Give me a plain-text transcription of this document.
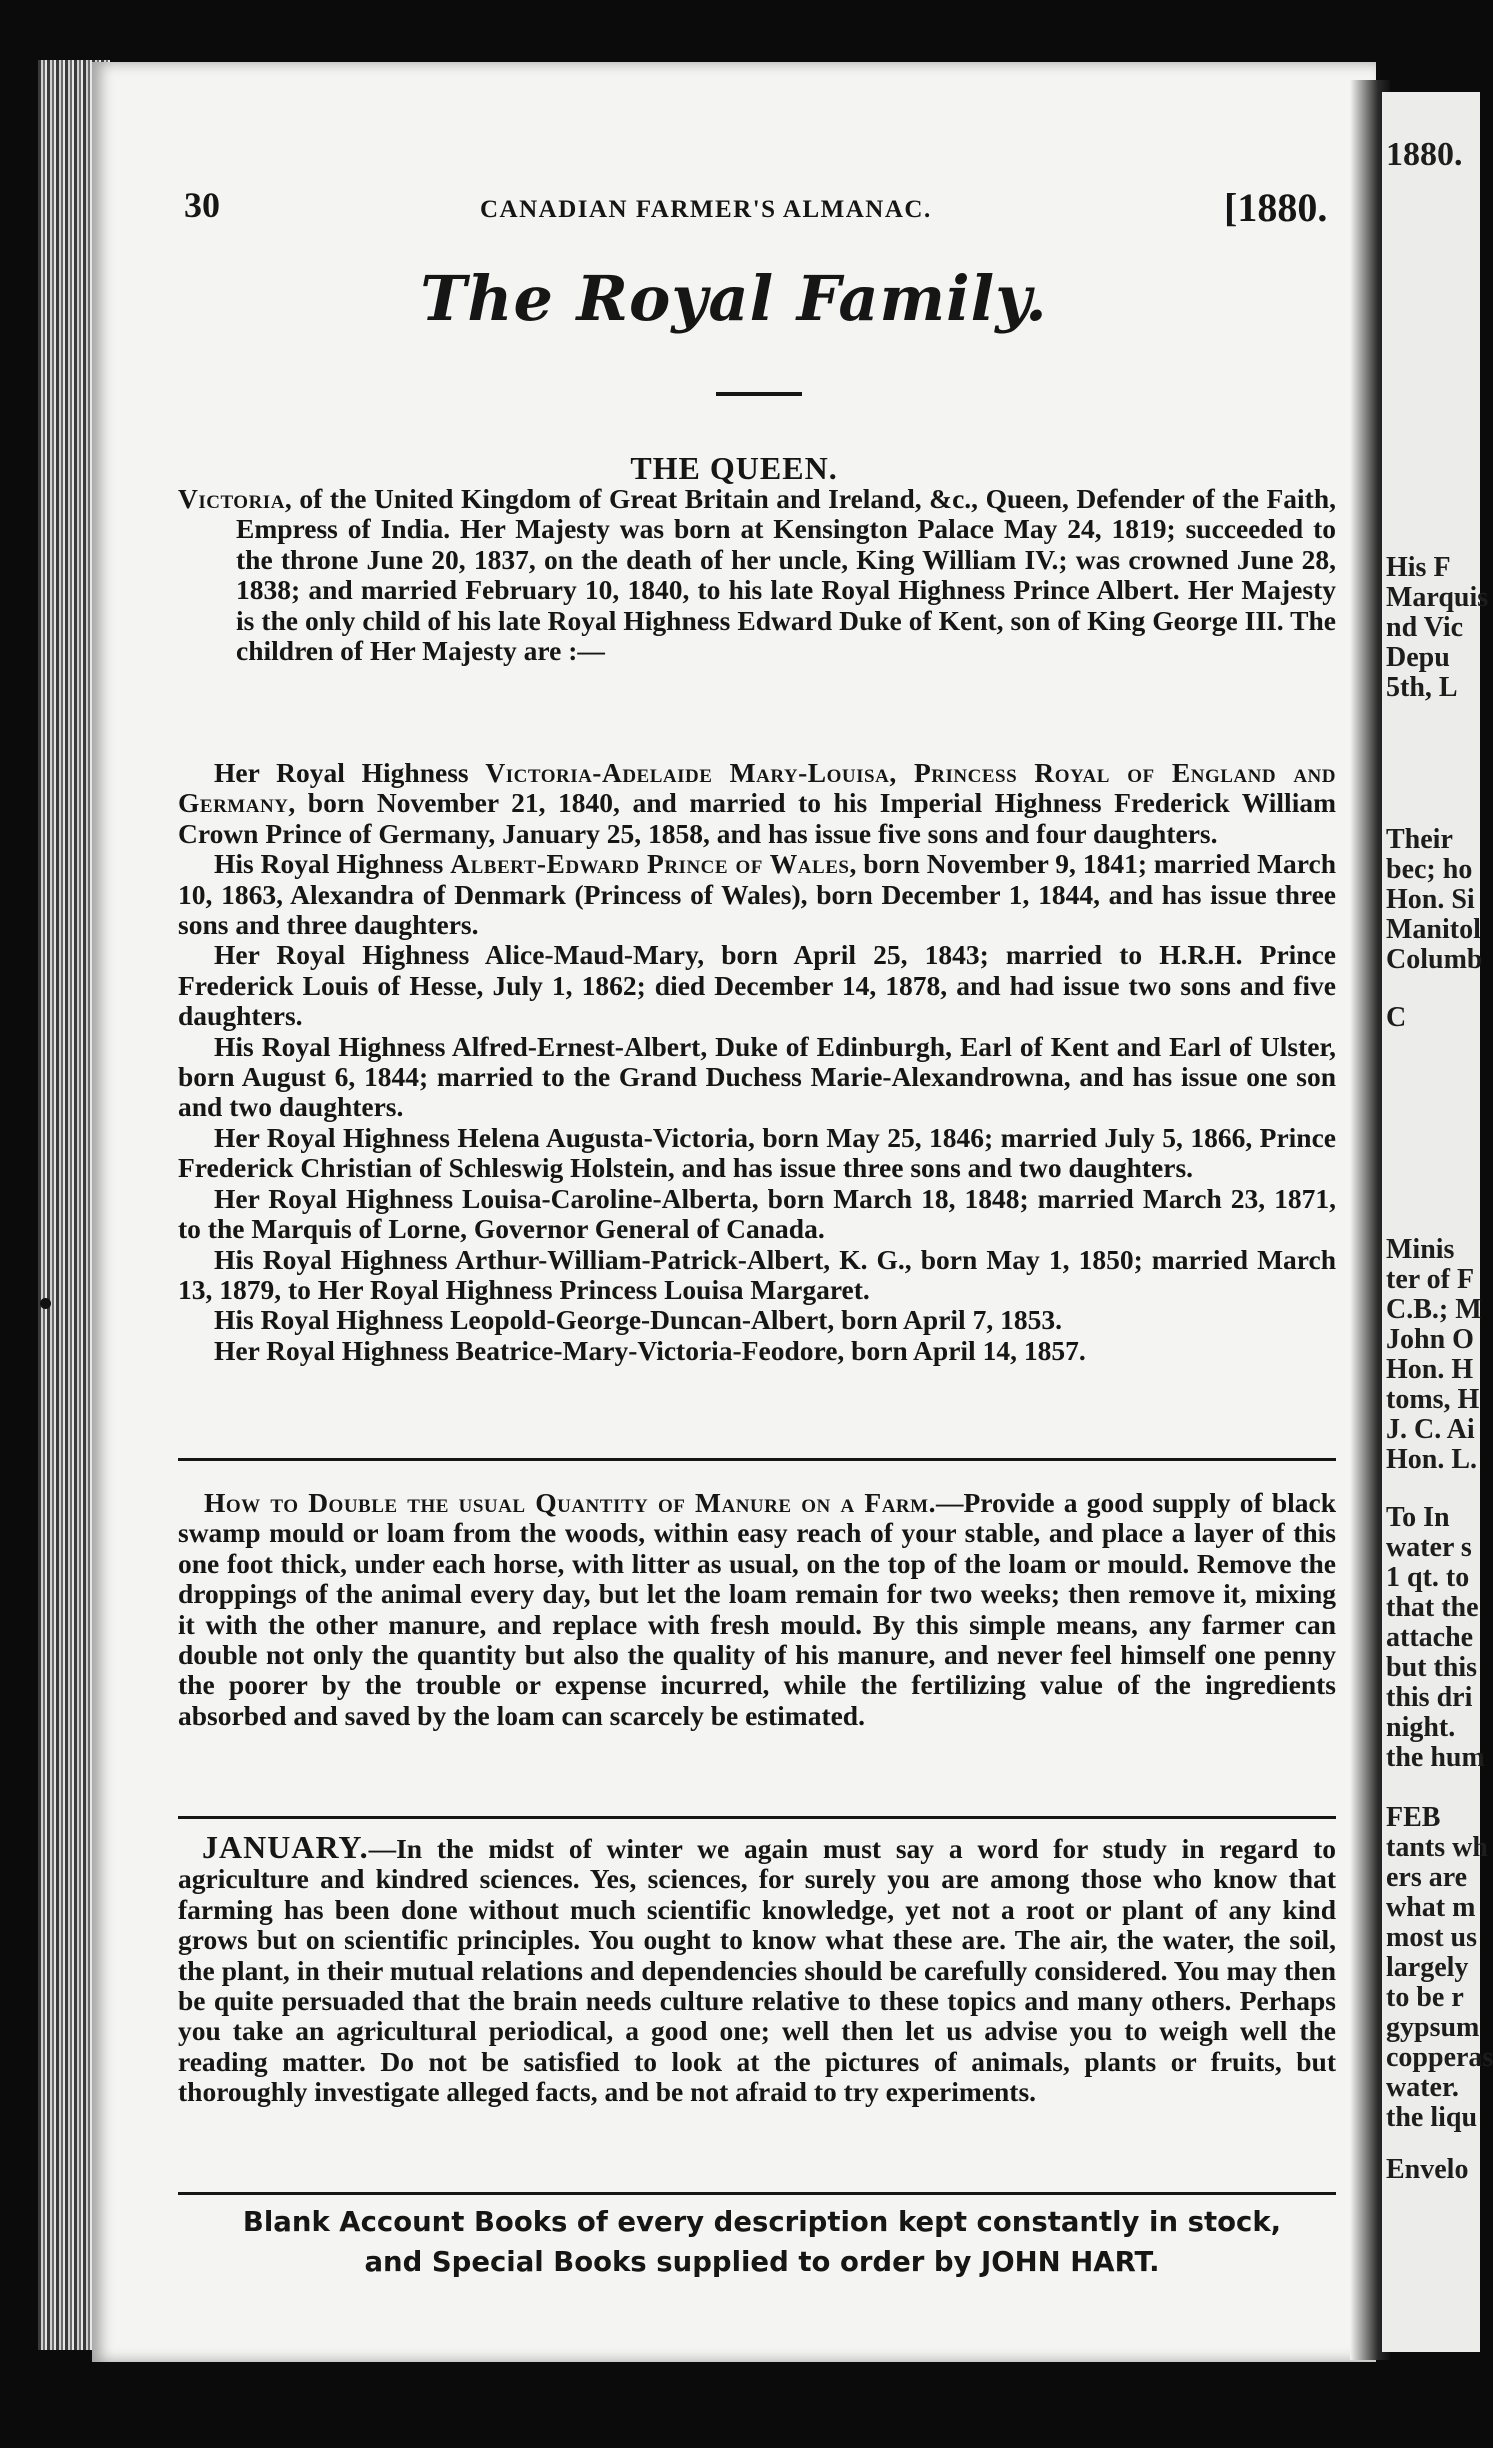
30	CANADIAN FARMER'S ALMANAC.	[1880.
The Royal Family.
THE QUEEN.

Victoria, of the United Kingdom of Great Britain and Ireland, &c., Queen, Defender of the Faith, Empress of India. Her Majesty was born at Kensington Palace May 24, 1819; succeeded to the throne June 20, 1837, on the death of her uncle, King William IV.; was crowned June 28, 1838; and married February 10, 1840, to his late Royal Highness Prince Albert. Her Majesty is the only child of his late Royal Highness Edward Duke of Kent, son of King George III. The children of Her Majesty are :—

Her Royal Highness Victoria-Adelaide Mary-Louisa, Princess Royal of England and Germany, born November 21, 1840, and married to his Imperial Highness Frederick William Crown Prince of Germany, January 25, 1858, and has issue five sons and four daughters.

His Royal Highness Albert-Edward Prince of Wales, born November 9, 1841; married March 10, 1863, Alexandra of Denmark (Princess of Wales), born December 1, 1844, and has issue three sons and three daughters.

Her Royal Highness Alice-Maud-Mary, born April 25, 1843; married to H.R.H. Prince Frederick Louis of Hesse, July 1, 1862; died December 14, 1878, and had issue two sons and five daughters.

His Royal Highness Alfred-Ernest-Albert, Duke of Edinburgh, Earl of Kent and Earl of Ulster, born August 6, 1844; married to the Grand Duchess Marie-Alexandrowna, and has issue one son and two daughters.

Her Royal Highness Helena Augusta-Victoria, born May 25, 1846; married July 5, 1866, Prince Frederick Christian of Schleswig Holstein, and has issue three sons and two daughters.

Her Royal Highness Louisa-Caroline-Alberta, born March 18, 1848; married March 23, 1871, to the Marquis of Lorne, Governor General of Canada.

His Royal Highness Arthur-William-Patrick-Albert, K. G., born May 1, 1850; married March 13, 1879, to Her Royal Highness Princess Louisa Margaret.

His Royal Highness Leopold-George-Duncan-Albert, born April 7, 1853.

Her Royal Highness Beatrice-Mary-Victoria-Feodore, born April 14, 1857.

How to Double the usual Quantity of Manure on a Farm.—Provide a good supply of black swamp mould or loam from the woods, within easy reach of your stable, and place a layer of this one foot thick, under each horse, with litter as usual, on the top of the loam or mould. Remove the droppings of the animal every day, but let the loam remain for two weeks; then remove it, mixing it with the other manure, and replace with fresh mould. By this simple means, any farmer can double not only the quantity but also the quality of his manure, and never feel himself one penny the poorer by the trouble or expense incurred, while the fertilizing value of the ingredients absorbed and saved by the loam can scarcely be estimated.

JANUARY.—In the midst of winter we again must say a word for study in regard to agriculture and kindred sciences. Yes, sciences, for surely you are among those who know that farming has been done without much scientific knowledge, yet not a root or plant of any kind grows but on scientific principles. You ought to know what these are. The air, the water, the soil, the plant, in their mutual relations and dependencies should be carefully considered. You may then be quite persuaded that the brain needs culture relative to these topics and many others. Perhaps you take an agricultural periodical, a good one; well then let us advise you to weigh well the reading matter. Do not be satisfied to look at the pictures of animals, plants or fruits, but thoroughly investigate alleged facts, and be not afraid to try experiments.

Blank Account Books of every description kept constantly in stock,

and Special Books supplied to order by JOHN HART.

1880.
His F
Marquis
nd Vic
Depu
5th, L
Their
bec; ho
Hon. Si
Manitol
Columb
C
Minis
ter of F
C.B.; M
John O
Hon. H
toms, H
J. C. Ai
Hon. L.
To In
water s
1 qt. to
that the
attache
but this
this dri
night.
the hum
FEB
tants wh
ers are
what m
most us
largely
to be r
gypsum
copperas
water.
the liqu
Envelo
